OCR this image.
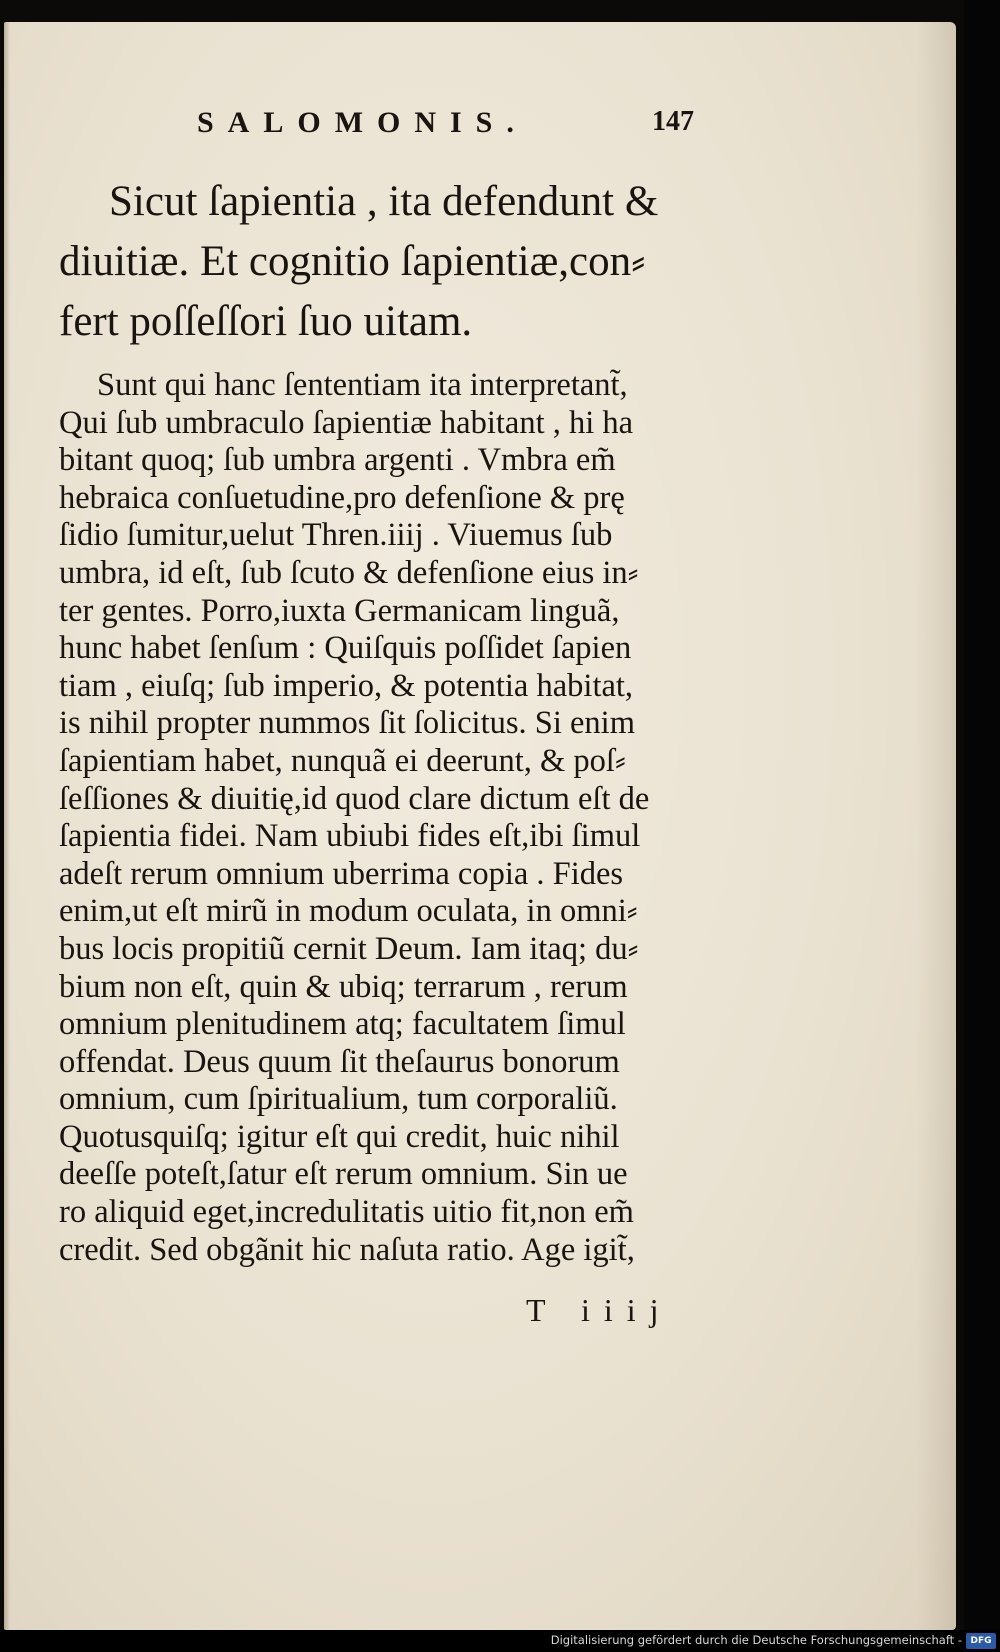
SALOMONIS.	147
Sicut ſapientia , ita defendunt &
diuitiæ. Et cognitio ſapientiæ,con⸗
fert poſſeſſori ſuo uitam.
Sunt qui hanc ſententiam ita interpretant̃,
Qui ſub umbraculo ſapientiæ habitant , hi ha
bitant quoq; ſub umbra argenti . Vmbra em̃
hebraica conſuetudine,pro defenſione & prę
ſidio ſumitur,uelut Thren.iiij . Viuemus ſub
umbra, id eſt, ſub ſcuto & defenſione eius in⸗
ter gentes. Porro,iuxta Germanicam linguã,
hunc habet ſenſum : Quiſquis poſſidet ſapien
tiam , eiuſq; ſub imperio, & potentia habitat,
is nihil propter nummos ſit ſolicitus. Si enim
ſapientiam habet, nunquã ei deerunt, & poſ⸗
ſeſſiones & diuitię,id quod clare dictum eſt de
ſapientia fidei. Nam ubiubi fides eſt,ibi ſimul
adeſt rerum omnium uberrima copia . Fides
enim,ut eſt mirũ in modum oculata, in omni⸗
bus locis propitiũ cernit Deum. Iam itaq; du⸗
bium non eſt, quin & ubiq; terrarum , rerum
omnium plenitudinem atq; facultatem ſimul
offendat. Deus quum ſit theſaurus bonorum
omnium, cum ſpiritualium, tum corporaliũ.
Quotusquiſq; igitur eſt qui credit, huic nihil
deeſſe poteſt,ſatur eſt rerum omnium. Sin ue
ro aliquid eget,incredulitatis uitio fit,non em̃
credit. Sed obgãnit hic naſuta ratio. Age igit̃,
T iiij
Digitalisierung gefördert durch die Deutsche Forschungsgemeinschaft - DFG
